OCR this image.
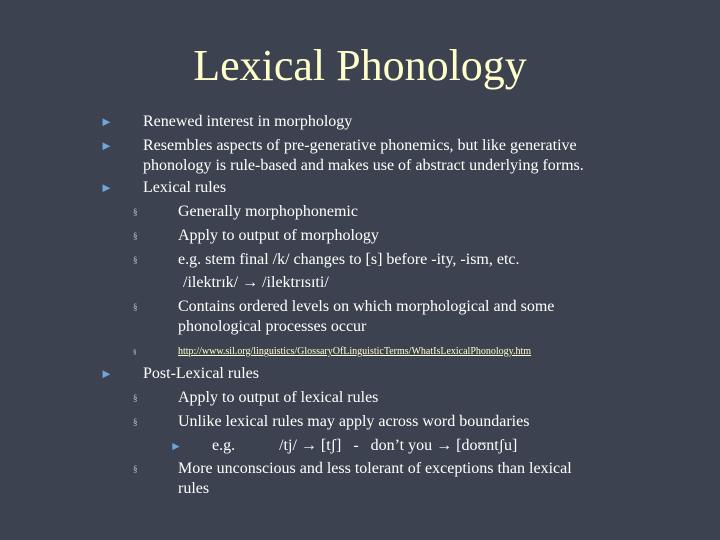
Lexical Phonology
► Renewed interest in morphology
► Resembles aspects of pre-generative phonemics, but like generative
phonology is rule-based and makes use of abstract underlying forms.
► Lexical rules
§	Generally morphophonemic
§	Apply to output of morphology
§	e.g. stem final /k/ changes to [s] before -ity, -ism, etc.
/ilektrɪk/ → /ilektrɪsɪti/
§	Contains ordered levels on which morphological and some
phonological processes occur
§	http://www.sil.org/linguistics/GlossaryOfLinguisticTerms/WhatIsLexicalPhonology.htm
► Post-Lexical rules
§	Apply to output of lexical rules
§	Unlike lexical rules may apply across word boundaries
► e.g.           /tj/ → [tʃ]   -   don’t you → [doʊntʃu]
§	More unconscious and less tolerant of exceptions than lexical
rules
